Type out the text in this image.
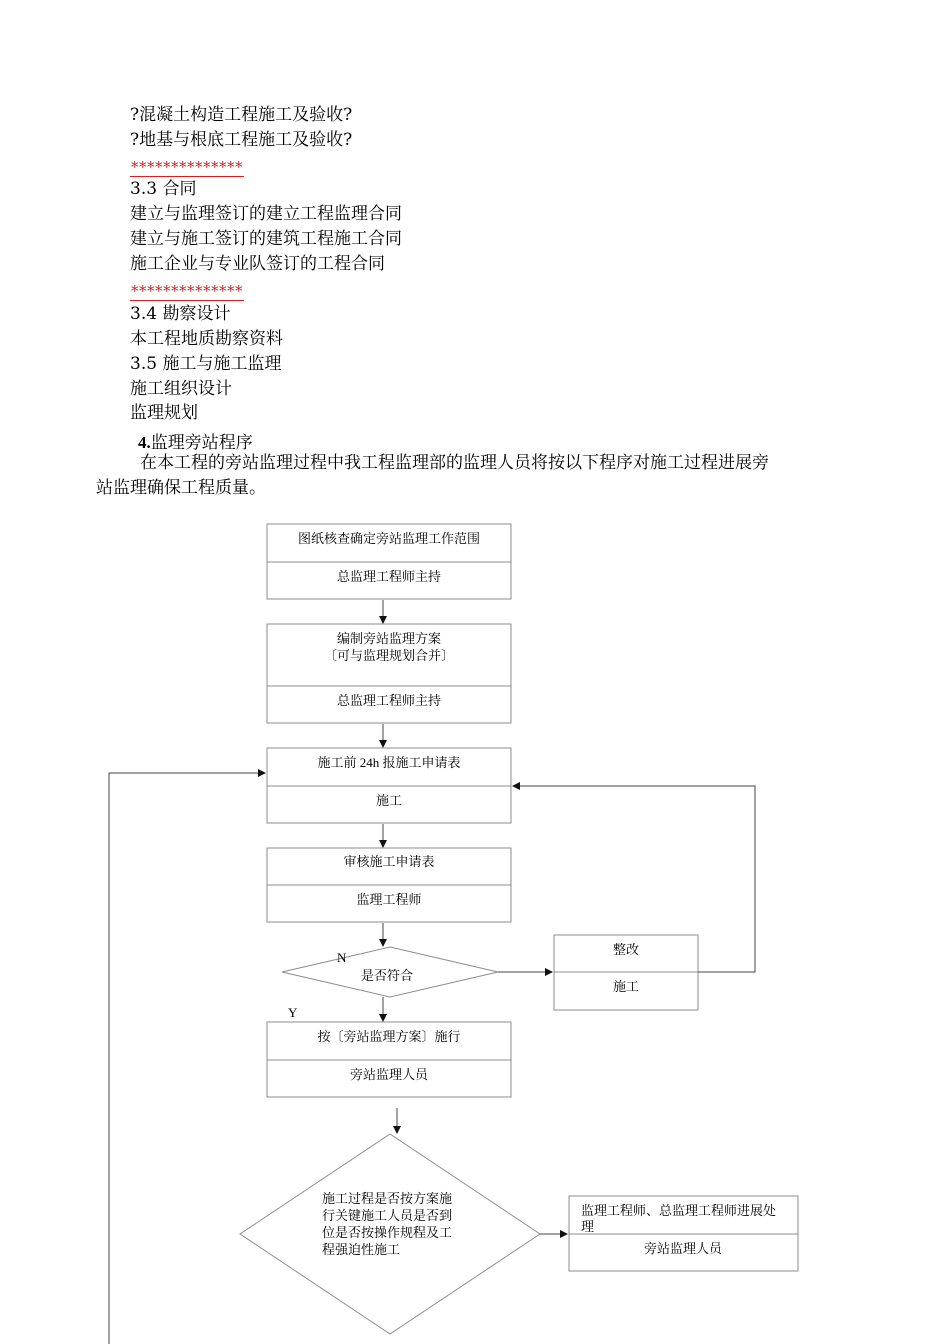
?混凝土构造工程施工及验收?
?地基与根底工程施工及验收?
**************
3.3 合同
建立与监理签订的建立工程监理合同
建立与施工签订的建筑工程施工合同
施工企业与专业队签订的工程合同
**************
3.4 勘察设计
本工程地质勘察资料
3.5 施工与施工监理
施工组织设计
监理规划
4.监理旁站程序
在本工程的旁站监理过程中我工程监理部的监理人员将按以下程序对施工过程进展旁
站监理确保工程质量。
图纸核查确定旁站监理工作范围
总监理工程师主持
编制旁站监理方案
〔可与监理规划合并〕
总监理工程师主持
施工前 24h 报施工申请表
施工
审核施工申请表
监理工程师
N
是否符合
Y
整改
施工
按〔旁站监理方案〕施行
旁站监理人员
施工过程是否按方案施
行关键施工人员是否到
位是否按操作规程及工
程强迫性施工
监理工程师、总监理工程师进展处
理
旁站监理人员
